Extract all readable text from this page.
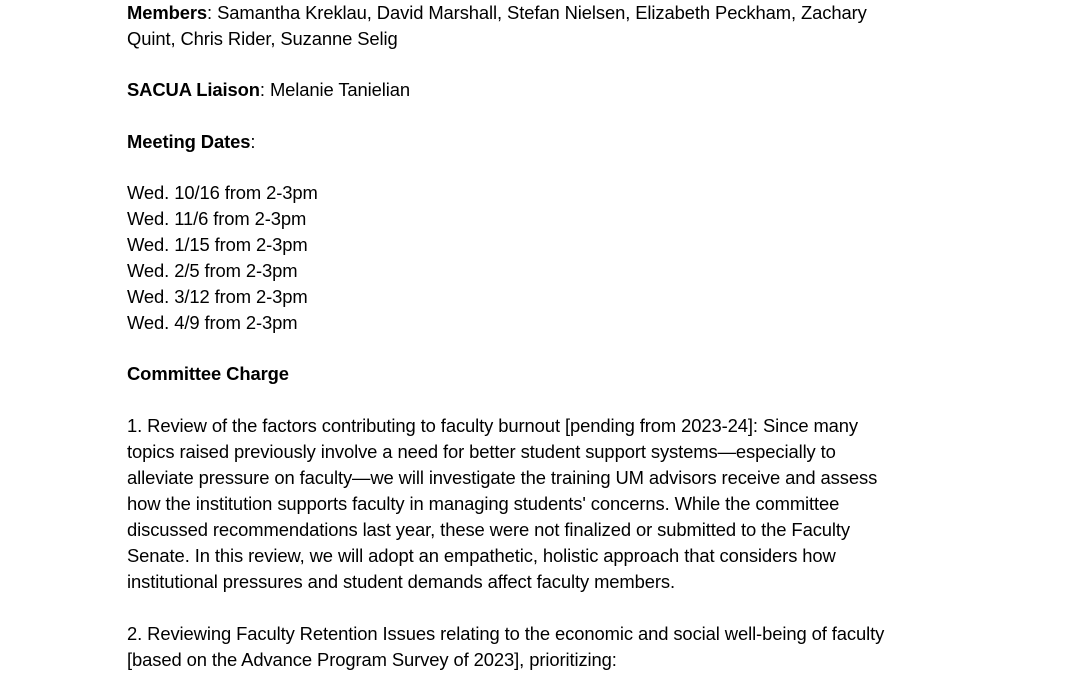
Members: Samantha Kreklau, David Marshall, Stefan Nielsen, Elizabeth Peckham, Zachary
Quint, Chris Rider, Suzanne Selig
SACUA Liaison: Melanie Tanielian
Meeting Dates:
Wed. 10/16 from 2-3pm
Wed. 11/6 from 2-3pm
Wed. 1/15 from 2-3pm
Wed. 2/5 from 2-3pm
Wed. 3/12 from 2-3pm
Wed. 4/9 from 2-3pm
Committee Charge
1. Review of the factors contributing to faculty burnout [pending from 2023-24]: Since many
topics raised previously involve a need for better student support systems—especially to
alleviate pressure on faculty—we will investigate the training UM advisors receive and assess
how the institution supports faculty in managing students' concerns. While the committee
discussed recommendations last year, these were not finalized or submitted to the Faculty
Senate. In this review, we will adopt an empathetic, holistic approach that considers how
institutional pressures and student demands affect faculty members.
2. Reviewing Faculty Retention Issues relating to the economic and social well-being of faculty
[based on the Advance Program Survey of 2023], prioritizing:
